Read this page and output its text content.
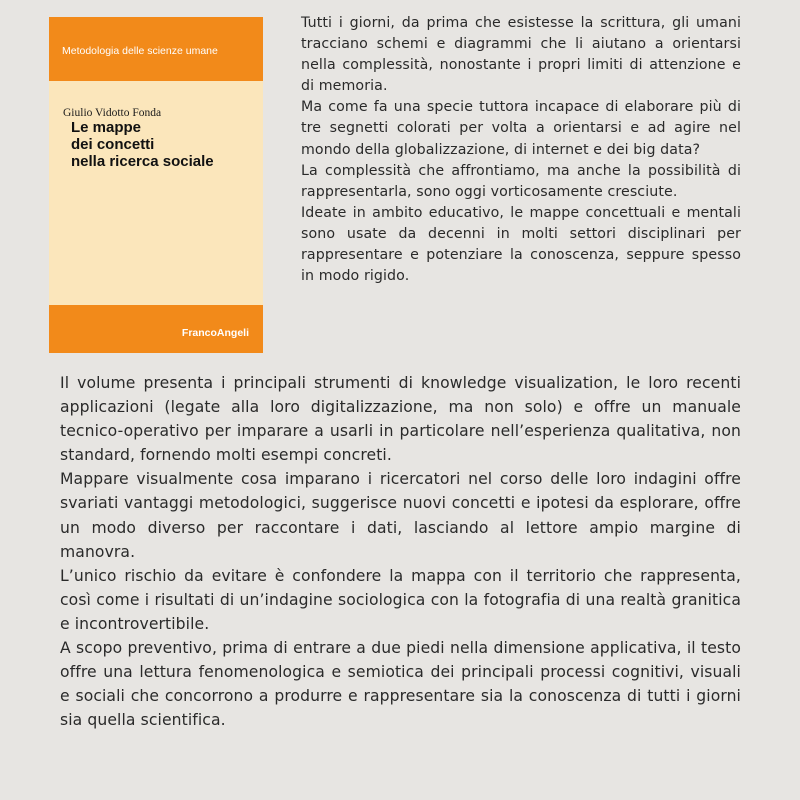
Metodologia delle scienze umane
Giulio Vidotto Fonda
Le mappe
dei concetti
nella ricerca sociale
FrancoAngeli

Tutti i giorni, da prima che esistesse la scrittura, gli umani tracciano schemi e diagrammi che li aiutano a orientarsi nella complessità, nonostante i propri limiti di attenzione e di memoria.

Ma come fa una specie tuttora incapace di elaborare più di tre segnetti colorati per volta a orientarsi e ad agire nel mondo della globalizzazione, di internet e dei big data?

La complessità che affrontiamo, ma anche la possibilità di rappresentarla, sono oggi vorticosamente cresciute.

Ideate in ambito educativo, le mappe concettuali e mentali sono usate da decenni in molti settori disciplinari per rappresentare e potenziare la conoscenza, seppure spesso in modo rigido.

Il volume presenta i principali strumenti di knowledge visualization, le loro recenti applicazioni (legate alla loro digitalizzazione, ma non solo) e offre un manuale tecnico-operativo per imparare a usarli in particolare nell’esperienza qualitativa, non standard, fornendo molti esempi concreti.

Mappare visualmente cosa imparano i ricercatori nel corso delle loro indagini offre svariati vantaggi metodologici, suggerisce nuovi concetti e ipotesi da esplorare, offre un modo diverso per raccontare i dati, lasciando al lettore ampio margine di manovra.

L’unico rischio da evitare è confondere la mappa con il territorio che rappresenta, così come i risultati di un’indagine sociologica con la fotografia di una realtà granitica e incontrovertibile.

A scopo preventivo, prima di entrare a due piedi nella dimensione applicativa, il testo offre una lettura fenomenologica e semiotica dei principali processi cognitivi, visuali e sociali che concorrono a produrre e rappresentare sia la conoscenza di tutti i giorni sia quella scientifica.
